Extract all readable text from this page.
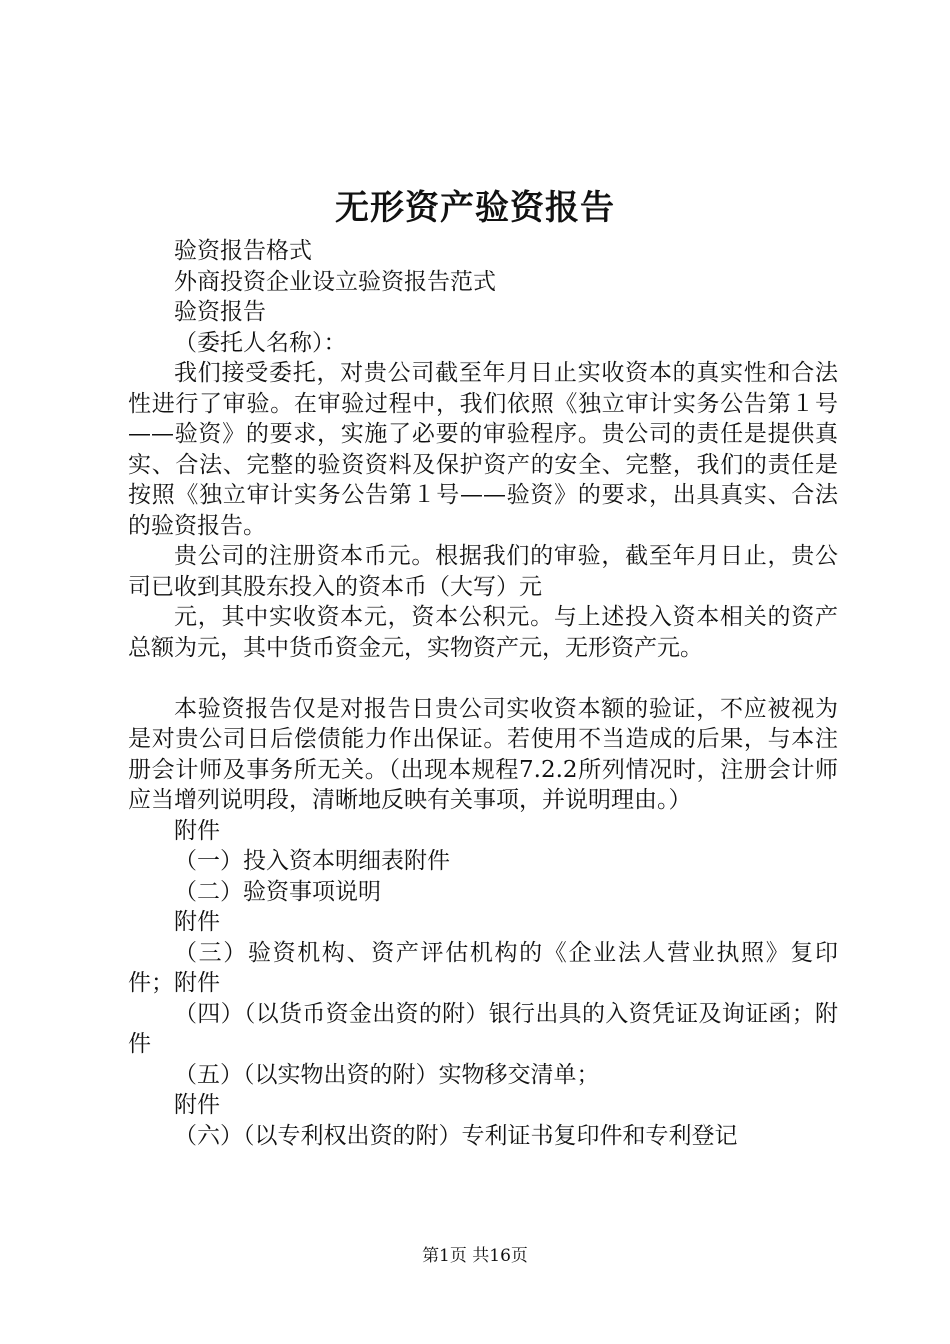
无形资产验资报告

验资报告格式

外商投资企业设立验资报告范式

验资报告

（委托人名称）：

我们接受委托，对贵公司截至年月日止实收资本的真实性和合法性进行了审验。在审验过程中，我们依照《独立审计实务公告第１号——验资》的要求，实施了必要的审验程序。贵公司的责任是提供真实、合法、完整的验资资料及保护资产的安全、完整，我们的责任是按照《独立审计实务公告第１号——验资》的要求，出具真实、合法的验资报告。

贵公司的注册资本币元。根据我们的审验，截至年月日止，贵公司已收到其股东投入的资本币（大写）元

元，其中实收资本元，资本公积元。与上述投入资本相关的资产总额为元，其中货币资金元，实物资产元，无形资产元。

本验资报告仅是对报告日贵公司实收资本额的验证，不应被视为是对贵公司日后偿债能力作出保证。若使用不当造成的后果，与本注册会计师及事务所无关。（出现本规程7.2.2所列情况时，注册会计师应当增列说明段，清晰地反映有关事项，并说明理由。）

附件

（一）投入资本明细表附件

（二）验资事项说明

附件

（三）验资机构、资产评估机构的《企业法人营业执照》复印件；附件

（四）（以货币资金出资的附）银行出具的入资凭证及询证函；附件

（五）（以实物出资的附）实物移交清单；

附件

（六）（以专利权出资的附）专利证书复印件和专利登记

第1页 共16页
